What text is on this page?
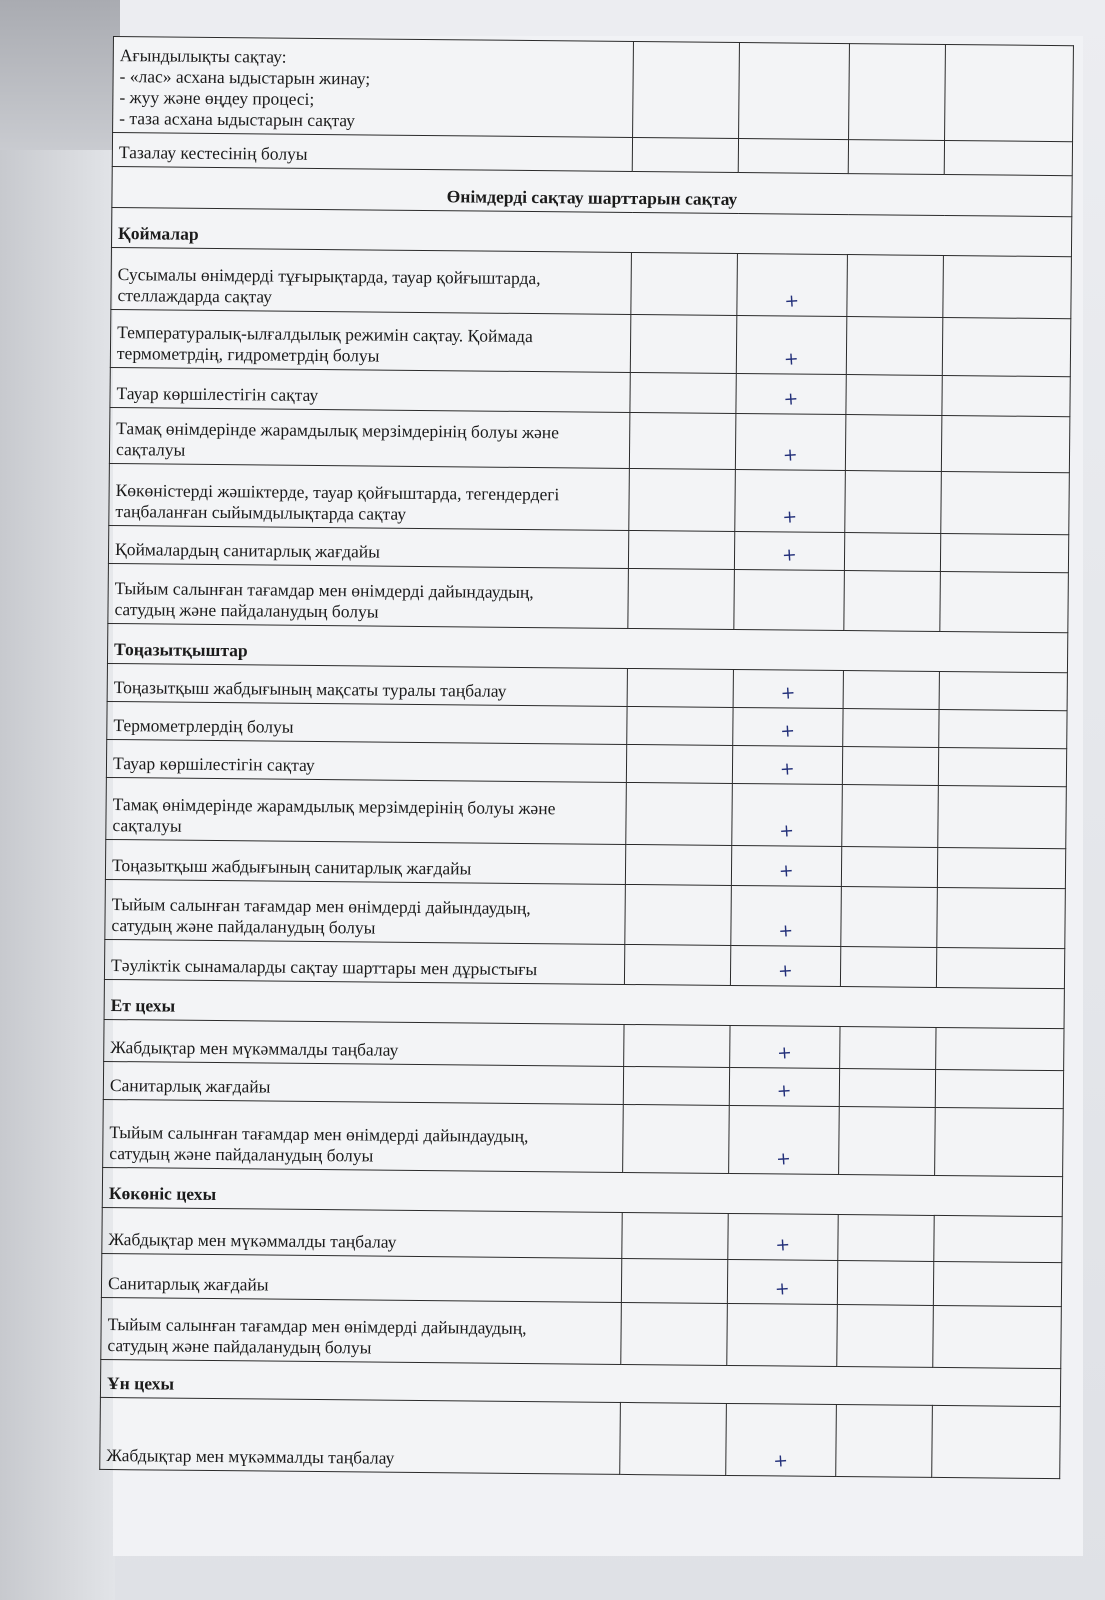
Ағындылықты сақтау:
- «лас» асхана ыдыстарын жинау;
- жуу және өңдеу процесі;
- таза асхана ыдыстарын сақтау				

Тазалау кестесінің болуы				

Өнімдерді сақтау шарттарын сақтау				
Қоймалар				

Сусымалы өнімдерді тұғырықтарда, тауар қойғыштарда,
стеллаждарда сақтау		+		

Температуралық-ылғалдылық режимін сақтау. Қоймада
термометрдің, гидрометрдің болуы		+		

Тауар көршілестігін сақтау		+		

Тамақ өнімдерінде жарамдылық мерзімдерінің болуы және
сақталуы		+		

Көкөністерді жәшіктерде, тауар қойғыштарда, тегендердегі
таңбаланған сыйымдылықтарда сақтау		+		

Қоймалардың санитарлық жағдайы		+		

Тыйым салынған тағамдар мен өнімдерді дайындаудың,
сатудың және пайдаланудың болуы				

Тоңазытқыштар				

Тоңазытқыш жабдығының мақсаты туралы таңбалау		+		

Термометрлердің болуы		+		

Тауар көршілестігін сақтау		+		

Тамақ өнімдерінде жарамдылық мерзімдерінің болуы және
сақталуы		+		

Тоңазытқыш жабдығының санитарлық жағдайы		+		

Тыйым салынған тағамдар мен өнімдерді дайындаудың,
сатудың және пайдаланудың болуы		+		

Тәуліктік сынамаларды сақтау шарттары мен дұрыстығы		+		
Ет цехы				

Жабдықтар мен мүкәммалды таңбалау		+		

Санитарлық жағдайы		+		

Тыйым салынған тағамдар мен өнімдерді дайындаудың,
сатудың және пайдаланудың болуы		+		
Көкөніс цехы				

Жабдықтар мен мүкәммалды таңбалау		+		

Санитарлық жағдайы		+		

Тыйым салынған тағамдар мен өнімдерді дайындаудың,
сатудың және пайдаланудың болуы				

Ұн цехы				

Жабдықтар мен мүкәммалды таңбалау		+		
